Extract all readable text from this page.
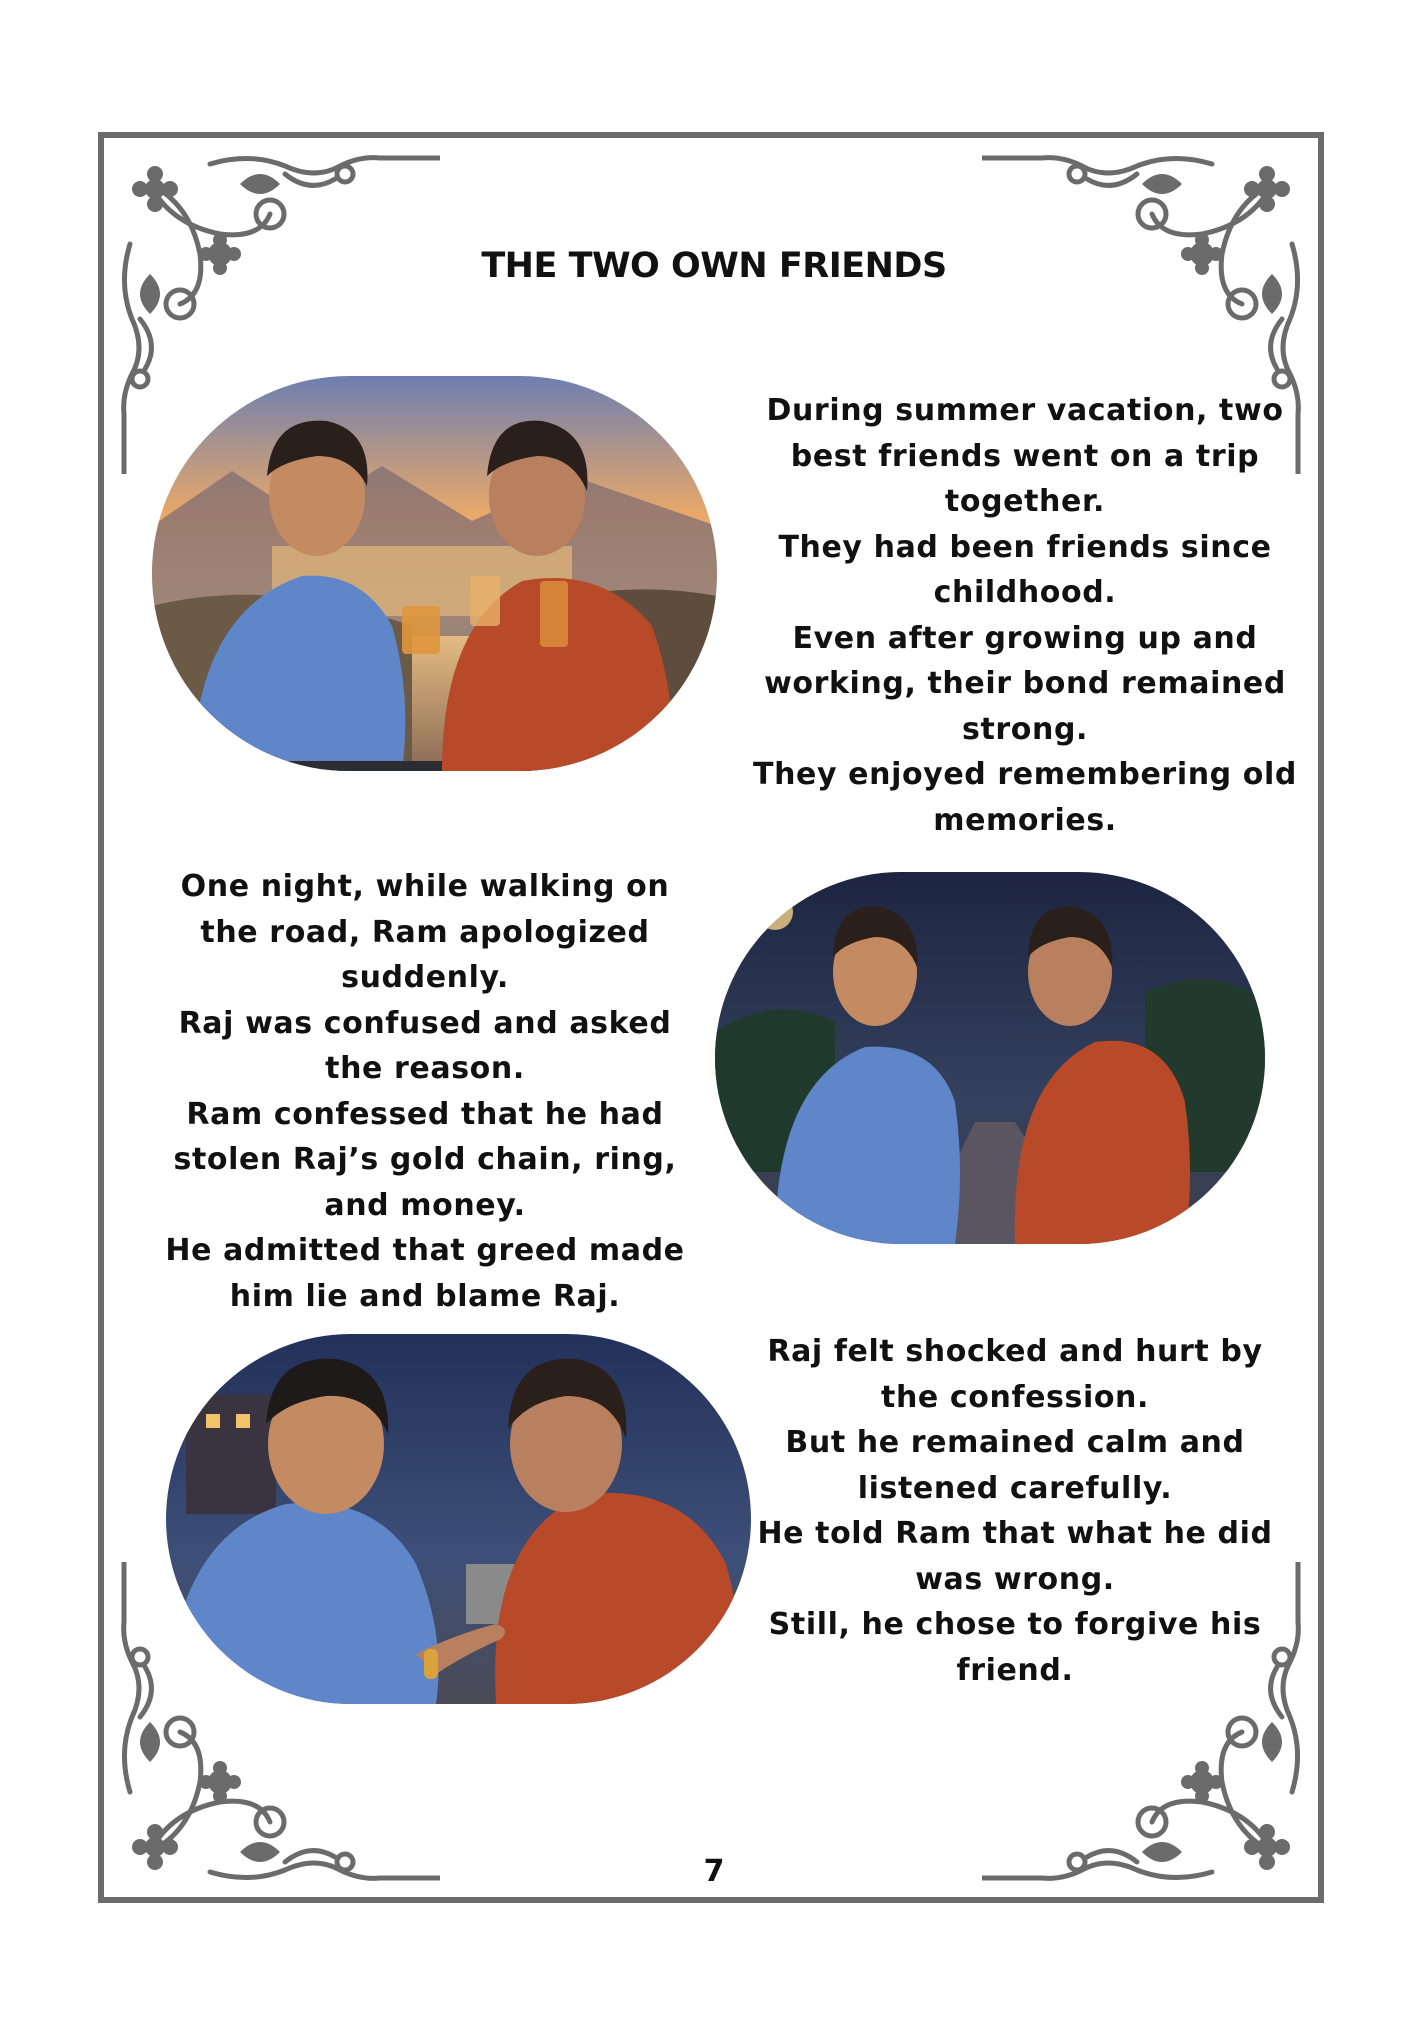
THE TWO OWN FRIENDS

During summer vacation, two best friends went on a trip together.

They had been friends since childhood.

Even after growing up and working, their bond remained strong.

They enjoyed remembering old memories.

One night, while walking on the road, Ram apologized suddenly.

Raj was confused and asked the reason.

Ram confessed that he had stolen Raj’s gold chain, ring, and money.

He admitted that greed made him lie and blame Raj.

Raj felt shocked and hurt by the confession.

But he remained calm and listened carefully.

He told Ram that what he did was wrong.

Still, he chose to forgive his friend.

7
